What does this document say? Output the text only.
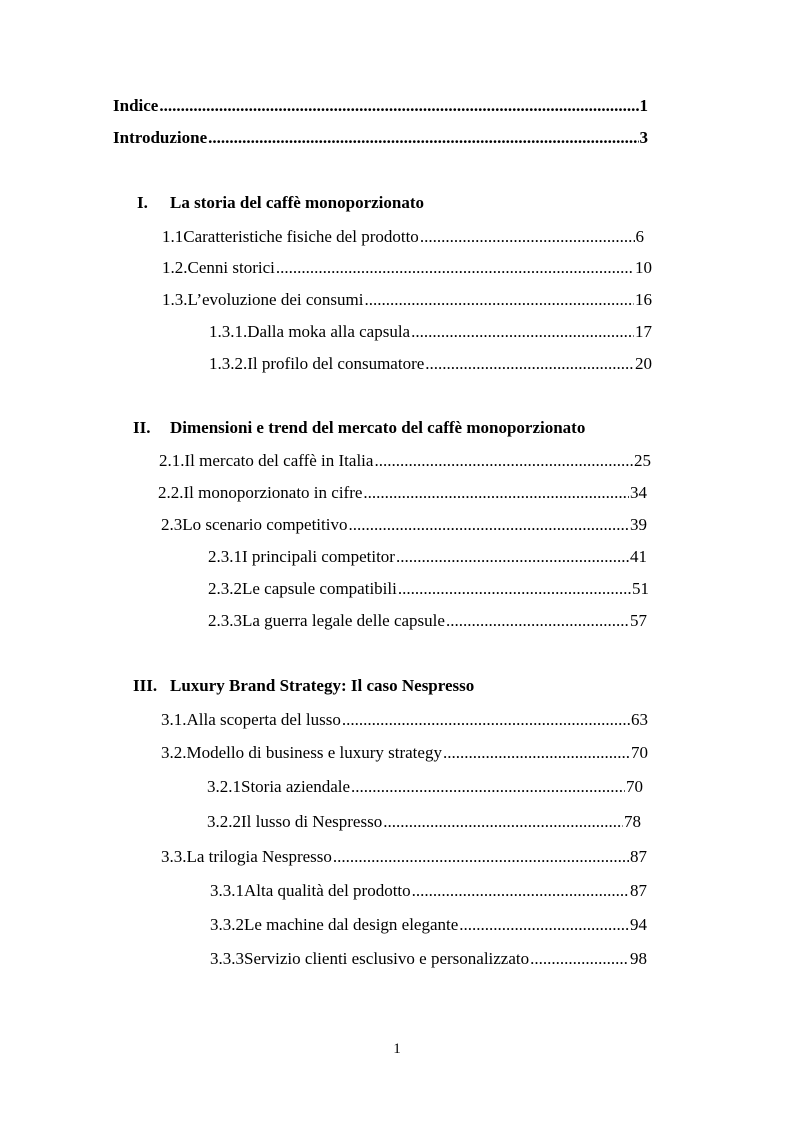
Indice .....	1
Introduzione .....	3
I. La storia del caffè monoporzionato
1.1 Caratteristiche fisiche del prodotto .....	6
1.2. Cenni storici .....	10
1.3. L’evoluzione dei consumi .....	16
1.3.1. Dalla moka alla capsula .....	17
1.3.2. Il profilo del consumatore .....	20
II. Dimensioni e trend del mercato del caffè monoporzionato
2.1. Il mercato del caffè in Italia .....	25
2.2. Il monoporzionato in cifre .....	34
2.3 Lo scenario competitivo .....	39
2.3.1 I principali competitor .....	41
2.3.2 Le capsule compatibili .....	51
2.3.3 La guerra legale delle capsule .....	57
III. Luxury Brand Strategy: Il caso Nespresso
3.1. Alla scoperta del lusso .....	63
3.2. Modello di business e luxury strategy .....	70
3.2.1 Storia aziendale .....	70
3.2.2 Il lusso di Nespresso .....	78
3.3. La trilogia Nespresso .....	87
3.3.1 Alta qualità del prodotto .....	87
3.3.2 Le machine dal design elegante .....	94
3.3.3 Servizio clienti esclusivo e personalizzato .....	98
1
